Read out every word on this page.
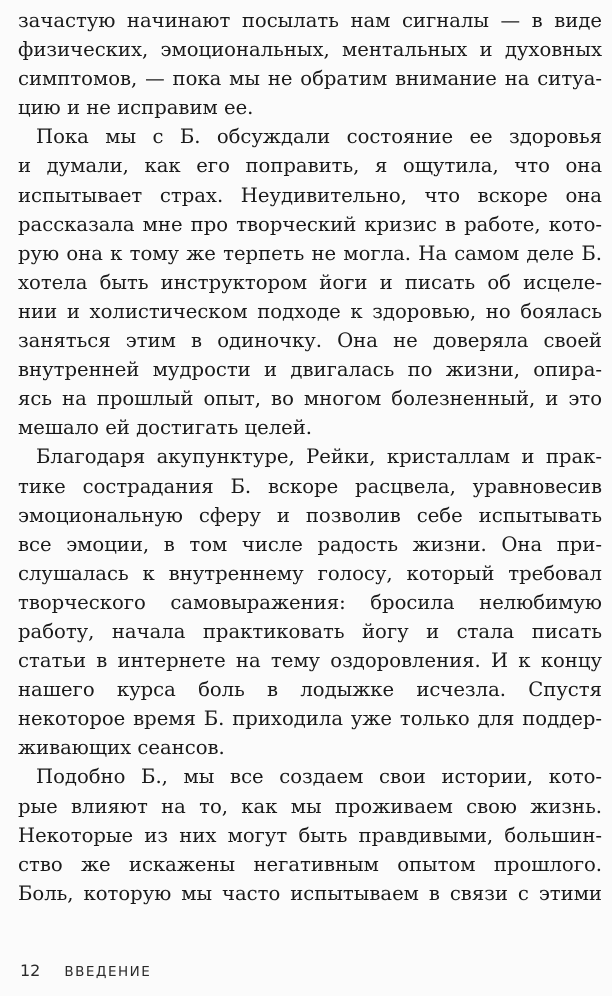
зачастую начинают посылать нам сигналы — в виде
физических, эмоциональных, ментальных и духовных
симптомов, — пока мы не обратим внимание на ситуа-
цию и не исправим ее.
Пока мы с Б. обсуждали состояние ее здоровья
и думали, как его поправить, я ощутила, что она
испытывает страх. Неудивительно, что вскоре она
рассказала мне про творческий кризис в работе, кото-
рую она к тому же терпеть не могла. На самом деле Б.
хотела быть инструктором йоги и писать об исцеле-
нии и холистическом подходе к здоровью, но боялась
заняться этим в одиночку. Она не доверяла своей
внутренней мудрости и двигалась по жизни, опира-
ясь на прошлый опыт, во многом болезненный, и это
мешало ей достигать целей.
Благодаря акупунктуре, Рейки, кристаллам и прак-
тике сострадания Б. вскоре расцвела, уравновесив
эмоциональную сферу и позволив себе испытывать
все эмоции, в том числе радость жизни. Она при-
слушалась к внутреннему голосу, который требовал
творческого самовыражения: бросила нелюбимую
работу, начала практиковать йогу и стала писать
статьи в интернете на тему оздоровления. И к концу
нашего курса боль в лодыжке исчезла. Спустя
некоторое время Б. приходила уже только для поддер-
живающих сеансов.
Подобно Б., мы все создаем свои истории, кото-
рые влияют на то, как мы проживаем свою жизнь.
Некоторые из них могут быть правдивыми, большин-
ство же искажены негативным опытом прошлого.
Боль, которую мы часто испытываем в связи с этими
12 ВВЕДЕНИЕ
